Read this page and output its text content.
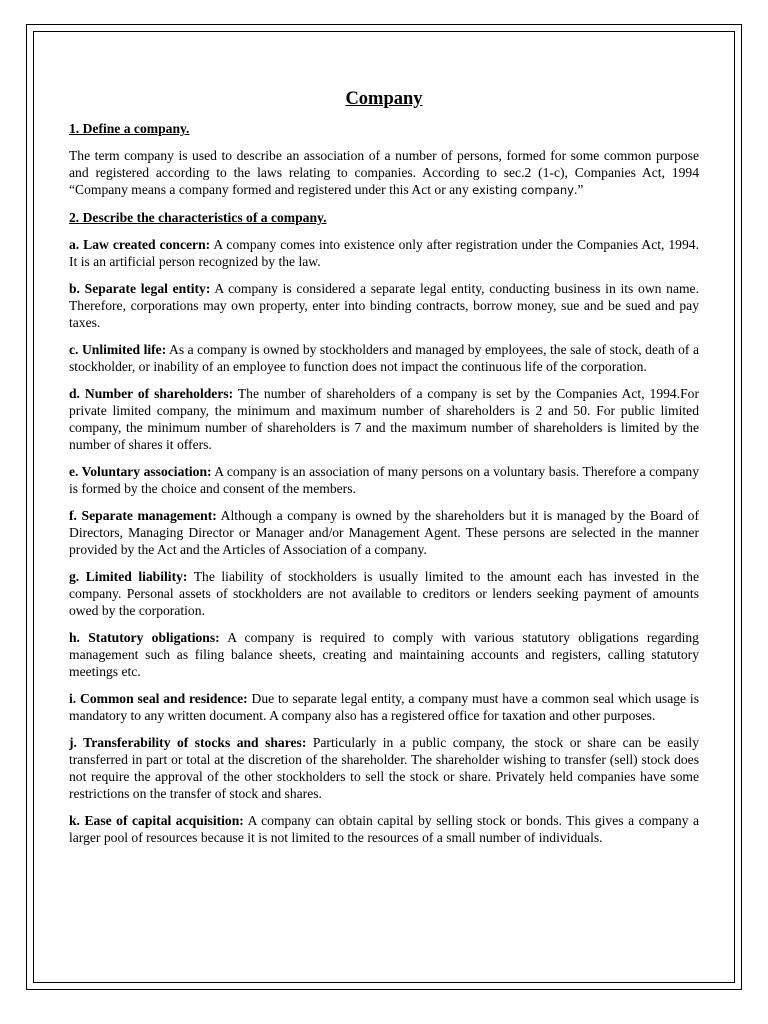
Company
1. Define a company.

The term company is used to describe an association of a number of persons, formed for some common purpose and registered according to the laws relating to companies. According to sec.2 (1-c), Companies Act, 1994 “Company means a company formed and registered under this Act or any existing company.”

2. Describe the characteristics of a company.

a. Law created concern: A company comes into existence only after registration under the Companies Act, 1994. It is an artificial person recognized by the law.

b. Separate legal entity: A company is considered a separate legal entity, conducting business in its own name. Therefore, corporations may own property, enter into binding contracts, borrow money, sue and be sued and pay taxes.

c. Unlimited life: As a company is owned by stockholders and managed by employees, the sale of stock, death of a stockholder, or inability of an employee to function does not impact the continuous life of the corporation.

d. Number of shareholders: The number of shareholders of a company is set by the Companies Act, 1994.For private limited company, the minimum and maximum number of shareholders is 2 and 50. For public limited company, the minimum number of shareholders is 7 and the maximum number of shareholders is limited by the number of shares it offers.

e. Voluntary association: A company is an association of many persons on a voluntary basis. Therefore a company is formed by the choice and consent of the members.

f. Separate management: Although a company is owned by the shareholders but it is managed by the Board of Directors, Managing Director or Manager and/or Management Agent. These persons are selected in the manner provided by the Act and the Articles of Association of a company.

g. Limited liability: The liability of stockholders is usually limited to the amount each has invested in the company. Personal assets of stockholders are not available to creditors or lenders seeking payment of amounts owed by the corporation.

h. Statutory obligations: A company is required to comply with various statutory obligations regarding management such as filing balance sheets, creating and maintaining accounts and registers, calling statutory meetings etc.

i. Common seal and residence: Due to separate legal entity, a company must have a common seal which usage is mandatory to any written document. A company also has a registered office for taxation and other purposes.

j. Transferability of stocks and shares: Particularly in a public company, the stock or share can be easily transferred in part or total at the discretion of the shareholder. The shareholder wishing to transfer (sell) stock does not require the approval of the other stockholders to sell the stock or share. Privately held companies have some restrictions on the transfer of stock and shares.

k. Ease of capital acquisition: A company can obtain capital by selling stock or bonds. This gives a company a larger pool of resources because it is not limited to the resources of a small number of individuals.
